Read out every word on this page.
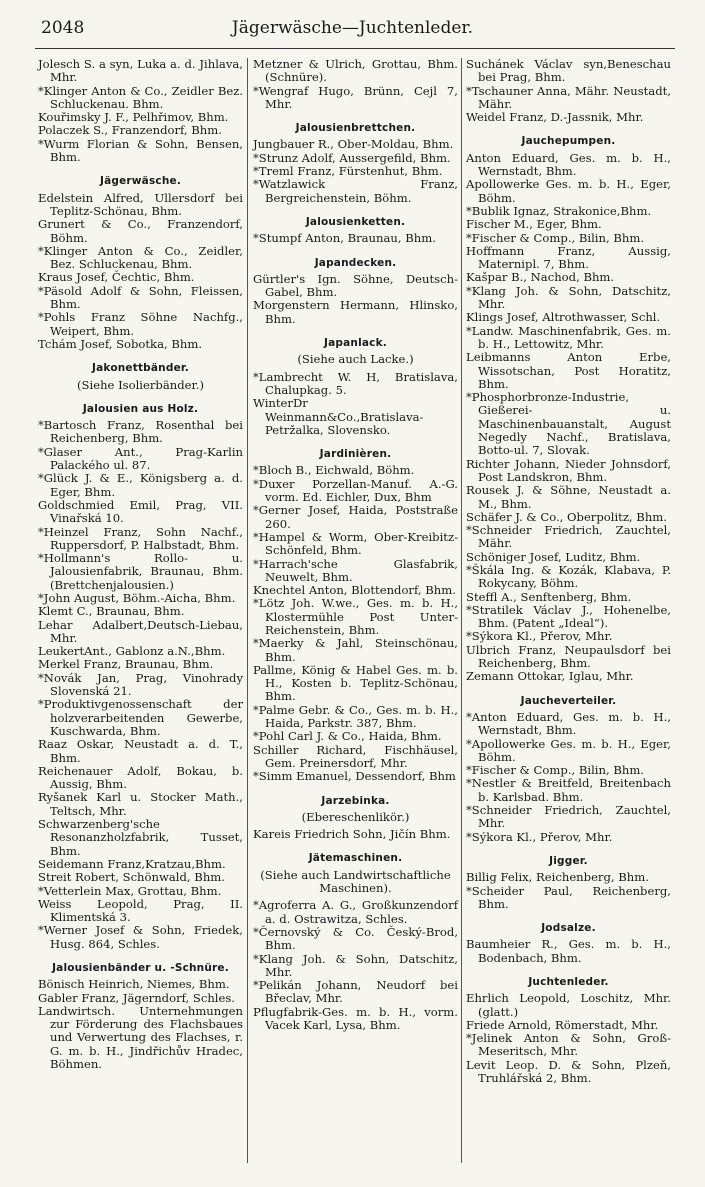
2048	Jägerwäsche—Juchtenleder.
Jolesch S. a syn, Luka a. d. Jihlava, Mhr.
*Klinger Anton & Co., Zeidler Bez. Schluckenau. Bhm.
Kouřimsky J. F., Pelhřimov, Bhm.
Polaczek S., Franzendorf, Bhm.
*Wurm Florian & Sohn, Bensen, Bhm.
Jägerwäsche.
Edelstein Alfred, Ullersdorf bei Teplitz-Schönau, Bhm.
Grunert & Co., Franzendorf, Böhm.
*Klinger Anton & Co., Zeidler, Bez. Schluckenau, Bhm.
Kraus Josef, Čechtic, Bhm.
*Päsold Adolf & Sohn, Fleissen, Bhm.
*Pohls Franz Söhne Nachfg., Weipert, Bhm.
Tchám Josef, Sobotka, Bhm.
Jakonettbänder.
(Siehe Isolierbänder.)
Jalousien aus Holz.
*Bartosch Franz, Rosenthal bei Reichenberg, Bhm.
*Glaser Ant., Prag-Karlin Palackého ul. 87.
*Glück J. & E., Königsberg a. d. Eger, Bhm.
Goldschmied Emil, Prag, VII. Vinařská 10.
*Heinzel Franz, Sohn Nachf., Ruppersdorf, P. Halbstadt, Bhm.
*Hollmann's Rollo- u. Jalousienfabrik, Braunau, Bhm. (Brettchenjalousien.)
*John August, Böhm.-Aicha, Bhm.
Klemt C., Braunau, Bhm.
Lehar Adalbert,Deutsch-Liebau, Mhr.
LeukertAnt., Gablonz a.N.,Bhm.
Merkel Franz, Braunau, Bhm.
*Novák Jan, Prag, Vinohrady Slovenská 21.
*Produktivgenossenschaft der holzverarbeitenden Gewerbe, Kuschwarda, Bhm.
Raaz Oskar, Neustadt a. d. T., Bhm.
Reichenauer Adolf, Bokau, b. Aussig, Bhm.
Ryšanek Karl u. Stocker Math., Teltsch, Mhr.
Schwarzenberg'sche Resonanzholzfabrik, Tusset, Bhm.
Seidemann Franz,Kratzau,Bhm.
Streit Robert, Schönwald, Bhm.
*Vetterlein Max, Grottau, Bhm.
Weiss Leopold, Prag, II. Klimentská 3.
*Werner Josef & Sohn, Friedek, Husg. 864, Schles.
Jalousienbänder u. -Schnüre.
Bönisch Heinrich, Niemes, Bhm.
Gabler Franz, Jägerndorf, Schles.
Landwirtsch. Unternehmungen zur Förderung des Flachsbaues und Verwertung des Flachses, r. G. m. b. H., Jindřichův Hradec, Böhmen.
Metzner & Ulrich, Grottau, Bhm. (Schnüre).
*Wengraf Hugo, Brünn, Cejl 7, Mhr.
Jalousienbrettchen.
Jungbauer R., Ober-Moldau, Bhm.
*Strunz Adolf, Aussergefild, Bhm.
*Treml Franz, Fürstenhut, Bhm.
*Watzlawick Franz, Bergreichenstein, Böhm.
Jalousienketten.
*Stumpf Anton, Braunau, Bhm.
Japandecken.
Gürtler's Ign. Söhne, Deutsch-Gabel, Bhm.
Morgenstern Hermann, Hlinsko, Bhm.
Japanlack.
(Siehe auch Lacke.)
*Lambrecht W. H, Bratislava, Chalupkag. 5.
WinterDr Weinmann&Co.,Bratislava-Petržalka, Slovensko.
Jardinièren.
*Bloch B., Eichwald, Böhm.
*Duxer Porzellan-Manuf. A.-G. vorm. Ed. Eichler, Dux, Bhm
*Gerner Josef, Haida, Poststraße 260.
*Hampel & Worm, Ober-Kreibitz-Schönfeld, Bhm.
*Harrach'sche Glasfabrik, Neuwelt, Bhm.
Knechtel Anton, Blottendorf, Bhm.
*Lötz Joh. W.we., Ges. m. b. H., Klostermühle Post Unter-Reichenstein, Bhm.
*Maerky & Jahl, Steinschönau, Bhm.
Pallme, König & Habel Ges. m. b. H., Kosten b. Teplitz-Schönau, Bhm.
*Palme Gebr. & Co., Ges. m. b. H., Haida, Parkstr. 387, Bhm.
*Pohl Carl J. & Co., Haida, Bhm.
Schiller Richard, Fischhäusel, Gem. Preinersdorf, Mhr.
*Simm Emanuel, Dessendorf, Bhm
Jarzebinka.
(Ebereschenlikör.)
Kareis Friedrich Sohn, Jičín Bhm.
Jätemaschinen.
(Siehe auch Landwirtschaftliche Maschinen).
*Agroferra A. G., Großkunzendorf a. d. Ostrawitza, Schles.
*Černovský & Co. Český-Brod, Bhm.
*Klang Joh. & Sohn, Datschitz, Mhr.
*Pelikán Johann, Neudorf bei Břeclav, Mhr.
Pflugfabrik-Ges. m. b. H., vorm. Vacek Karl, Lysa, Bhm.
Suchánek Václav syn,Beneschau bei Prag, Bhm.
*Tschauner Anna, Mähr. Neustadt, Mähr.
Weidel Franz, D.-Jassnik, Mhr.
Jauchepumpen.
Anton Eduard, Ges. m. b. H., Wernstadt, Bhm.
Apollowerke Ges. m. b. H., Eger, Böhm.
*Bublik Ignaz, Strakonice,Bhm.
Fischer M., Eger, Bhm.
*Fischer & Comp., Bilin, Bhm.
Hoffmann Franz, Aussig, Maternipl. 7, Bhm.
Kašpar B., Nachod, Bhm.
*Klang Joh. & Sohn, Datschitz, Mhr.
Klings Josef, Altrothwasser, Schl.
*Landw. Maschinenfabrik, Ges. m. b. H., Lettowitz, Mhr.
Leibmanns Anton Erbe, Wissotschan, Post Horatitz, Bhm.
*Phosphorbronze-Industrie, Gießerei- u. Maschinenbauanstalt, August Negedly Nachf., Bratislava, Botto-ul. 7, Slovak.
Richter Johann, Nieder Johnsdorf, Post Landskron, Bhm.
Rousek J. & Söhne, Neustadt a. M., Bhm.
Schäfer J. & Co., Oberpolitz, Bhm.
*Schneider Friedrich, Zauchtel, Mähr.
Schöniger Josef, Luditz, Bhm.
*Škála Ing. & Kozák, Klabava, P. Rokycany, Böhm.
Steffl A., Senftenberg, Bhm.
*Stratilek Václav J., Hohenelbe, Bhm. (Patent „Ideal“).
*Sýkora Kl., Přerov, Mhr.
Ulbrich Franz, Neupaulsdorf bei Reichenberg, Bhm.
Zemann Ottokar, Iglau, Mhr.
Jaucheverteiler.
*Anton Eduard, Ges. m. b. H., Wernstadt, Bhm.
*Apollowerke Ges. m. b. H., Eger, Böhm.
*Fischer & Comp., Bilin, Bhm.
*Nestler & Breitfeld, Breitenbach b. Karlsbad. Bhm.
*Schneider Friedrich, Zauchtel, Mhr.
*Sýkora Kl., Přerov, Mhr.
Jigger.
Billig Felix, Reichenberg, Bhm.
*Scheider Paul, Reichenberg, Bhm.
Jodsalze.
Baumheier R., Ges. m. b. H., Bodenbach, Bhm.
Juchtenleder.
Ehrlich Leopold, Loschitz, Mhr. (glatt.)
Friede Arnold, Römerstadt, Mhr.
*Jelinek Anton & Sohn, Groß-Meseritsch, Mhr.
Levit Leop. D. & Sohn, Plzeň, Truhlářská 2, Bhm.
